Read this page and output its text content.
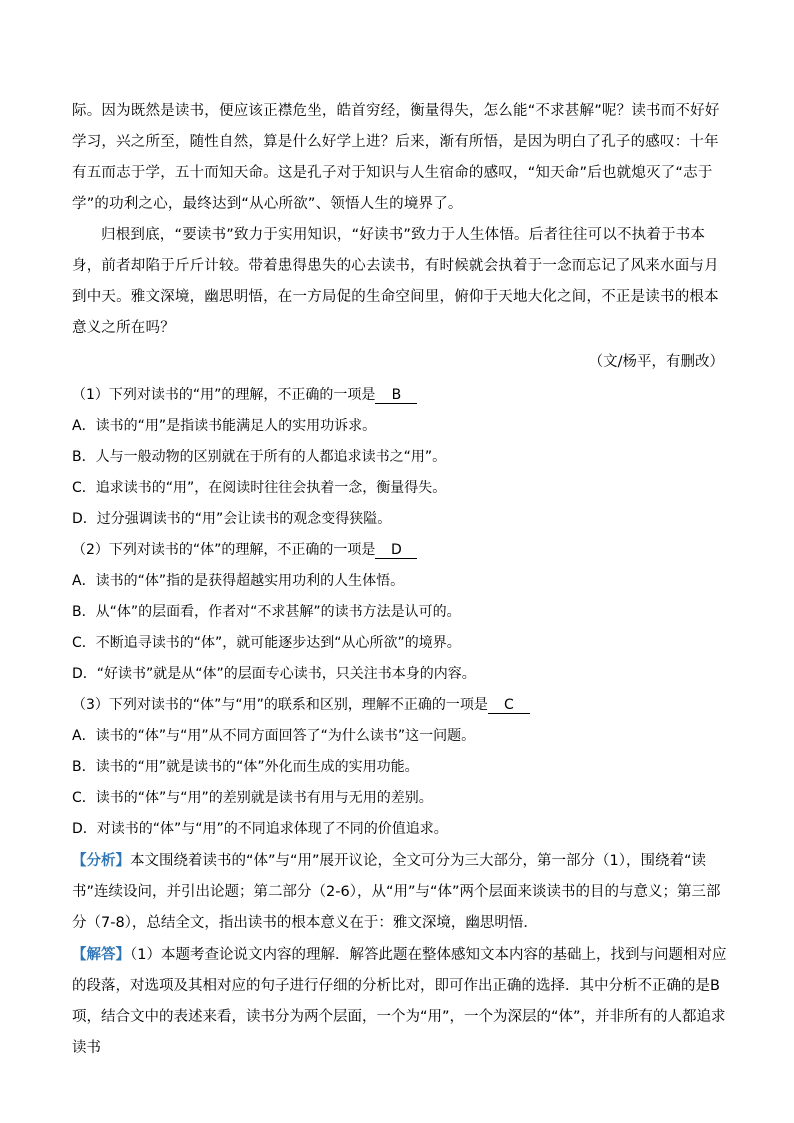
际。因为既然是读书，便应该正襟危坐，皓首穷经，衡量得失，怎么能“不求甚解”呢？读书而不好好学习，兴之所至，随性自然，算是什么好学上进？后来，渐有所悟，是因为明白了孔子的感叹：十年有五而志于学，五十而知天命。这是孔子对于知识与人生宿命的感叹，“知天命”后也就熄灭了“志于学”的功利之心，最终达到“从心所欲”、领悟人生的境界了。

归根到底，“要读书”致力于实用知识，“好读书”致力于人生体悟。后者往往可以不执着于书本身，前者却陷于斤斤计较。带着患得患失的心去读书，有时候就会执着于一念而忘记了风来水面与月到中天。雅文深境，幽思明悟，在一方局促的生命空间里，俯仰于天地大化之间，不正是读书的根本意义之所在吗？

（文/杨平，有删改）

（1）下列对读书的“用”的理解，不正确的一项是 B

A．读书的“用”是指读书能满足人的实用功诉求。

B．人与一般动物的区别就在于所有的人都追求读书之“用”。

C．追求读书的“用”，在阅读时往往会执着一念，衡量得失。

D．过分强调读书的“用”会让读书的观念变得狭隘。

（2）下列对读书的“体”的理解，不正确的一项是 D

A．读书的“体”指的是获得超越实用功利的人生体悟。

B．从“体”的层面看，作者对“不求甚解”的读书方法是认可的。

C．不断追寻读书的“体”，就可能逐步达到“从心所欲”的境界。

D．“好读书”就是从“体”的层面专心读书，只关注书本身的内容。

（3）下列对读书的“体”与“用”的联系和区别，理解不正确的一项是 C

A．读书的“体”与“用”从不同方面回答了“为什么读书”这一问题。

B．读书的“用”就是读书的“体”外化而生成的实用功能。

C．读书的“体”与“用”的差别就是读书有用与无用的差别。

D．对读书的“体”与“用”的不同追求体现了不同的价值追求。

【分析】本文围绕着读书的“体”与“用”展开议论，全文可分为三大部分，第一部分（1），围绕着“读书”连续设问，并引出论题；第二部分（2-6），从“用”与“体”两个层面来谈读书的目的与意义；第三部分（7-8），总结全文，指出读书的根本意义在于：雅文深境，幽思明悟．

【解答】（1）本题考查论说文内容的理解．解答此题在整体感知文本内容的基础上，找到与问题相对应的段落，对选项及其相对应的句子进行仔细的分析比对，即可作出正确的选择．其中分析不正确的是B项，结合文中的表述来看，读书分为两个层面，一个为“用”，一个为深层的“体”，并非所有的人都追求读书
